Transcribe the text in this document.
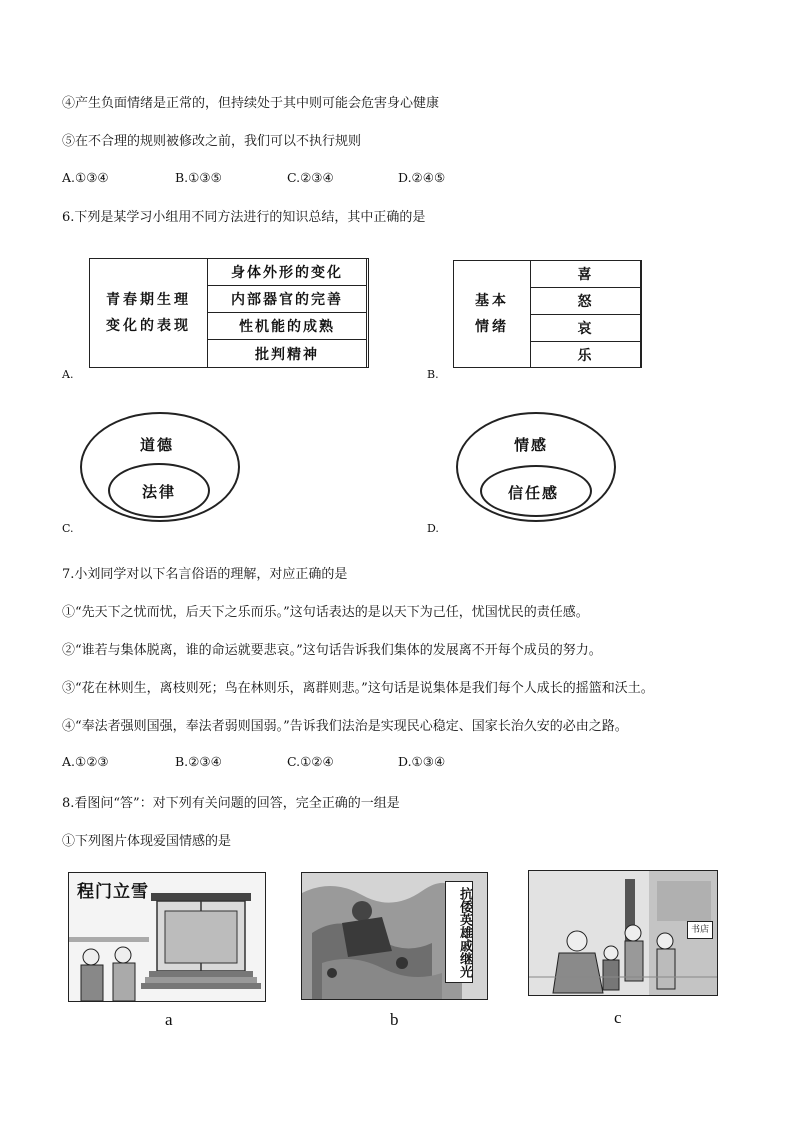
④产生负面情绪是正常的，但持续处于其中则可能会危害身心健康
⑤在不合理的规则被修改之前，我们可以不执行规则
A.①③④	B.①③⑤	C.②③④	D.②④⑤
6.下列是某学习小组用不同方法进行的知识总结，其中正确的是
青春期生理
变化的表现
身体外形的变化
内部器官的完善
性机能的成熟
批判精神
A.
基本
情绪
喜
怒
哀
乐
B.
道德
法律
C.
情感
信任感
D.
7.小刘同学对以下名言俗语的理解，对应正确的是
①“先天下之忧而忧，后天下之乐而乐。”这句话表达的是以天下为己任，忧国忧民的责任感。
②“谁若与集体脱离，谁的命运就要悲哀。”这句话告诉我们集体的发展离不开每个成员的努力。
③“花在林则生，离枝则死；鸟在林则乐，离群则悲。”这句话是说集体是我们每个人成长的摇篮和沃土。
④“奉法者强则国强，奉法者弱则国弱。”告诉我们法治是实现民心稳定、国家长治久安的必由之路。
A.①②③	B.②③④	C.①②④	D.①③④
8.看图问“答”：对下列有关问题的回答，完全正确的一组是
①下列图片体现爱国情感的是
程门立雪
a
抗倭英雄戚继光
b
书店
c
